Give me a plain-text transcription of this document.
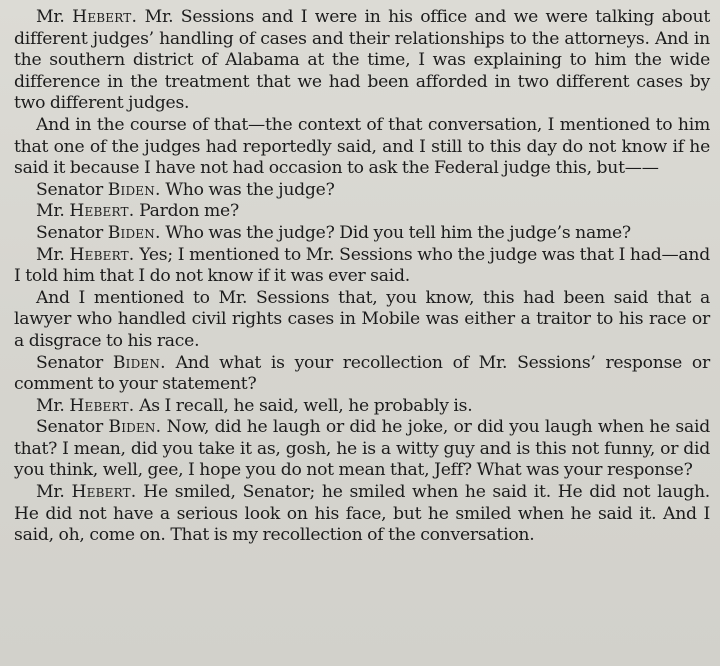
Mr. Hebert. Mr. Sessions and I were in his office and we were talking about different judges’ handling of cases and their relationships to the attorneys. And in the southern district of Alabama at the time, I was explaining to him the wide difference in the treatment that we had been afforded in two different cases by two different judges.

And in the course of that—the context of that conversation, I mentioned to him that one of the judges had reportedly said, and I still to this day do not know if he said it because I have not had occasion to ask the Federal judge this, but——

Senator Biden. Who was the judge?

Mr. Hebert. Pardon me?

Senator Biden. Who was the judge? Did you tell him the judge’s name?

Mr. Hebert. Yes; I mentioned to Mr. Sessions who the judge was that I had—and I told him that I do not know if it was ever said.

And I mentioned to Mr. Sessions that, you know, this had been said that a lawyer who handled civil rights cases in Mobile was either a traitor to his race or a disgrace to his race.

Senator Biden. And what is your recollection of Mr. Sessions’ response or comment to your statement?

Mr. Hebert. As I recall, he said, well, he probably is.

Senator Biden. Now, did he laugh or did he joke, or did you laugh when he said that? I mean, did you take it as, gosh, he is a witty guy and is this not funny, or did you think, well, gee, I hope you do not mean that, Jeff? What was your response?

Mr. Hebert. He smiled, Senator; he smiled when he said it. He did not laugh. He did not have a serious look on his face, but he smiled when he said it. And I said, oh, come on. That is my recollection of the conversation.
